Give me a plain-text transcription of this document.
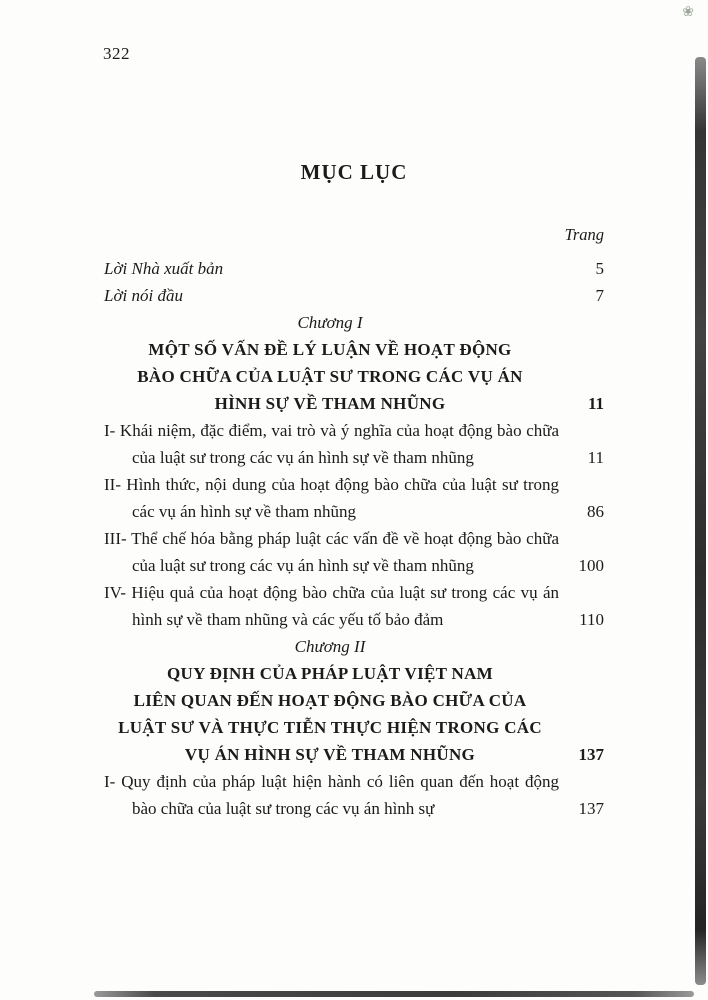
322
❀
MỤC LỤC
Trang
Lời Nhà xuất bản	5
Lời nói đầu	7
Chương I
MỘT SỐ VẤN ĐỀ LÝ LUẬN VỀ HOẠT ĐỘNG
BÀO CHỮA CỦA LUẬT SƯ TRONG CÁC VỤ ÁN
HÌNH SỰ VỀ THAM NHŨNG	11
I- Khái niệm, đặc điểm, vai trò và ý nghĩa của hoạt động bào chữa của luật sư trong các vụ án hình sự về tham nhũng	11
II- Hình thức, nội dung của hoạt động bào chữa của luật sư trong các vụ án hình sự về tham nhũng	86
III- Thể chế hóa bằng pháp luật các vấn đề về hoạt động bào chữa của luật sư trong các vụ án hình sự về tham nhũng	100
IV- Hiệu quả của hoạt động bào chữa của luật sư trong các vụ án hình sự về tham nhũng và các yếu tố bảo đảm	110
Chương II
QUY ĐỊNH CỦA PHÁP LUẬT VIỆT NAM
LIÊN QUAN ĐẾN HOẠT ĐỘNG BÀO CHỮA CỦA
LUẬT SƯ VÀ THỰC TIỄN THỰC HIỆN TRONG CÁC
VỤ ÁN HÌNH SỰ VỀ THAM NHŨNG	137
I- Quy định của pháp luật hiện hành có liên quan đến hoạt động bào chữa của luật sư trong các vụ án hình sự	137
